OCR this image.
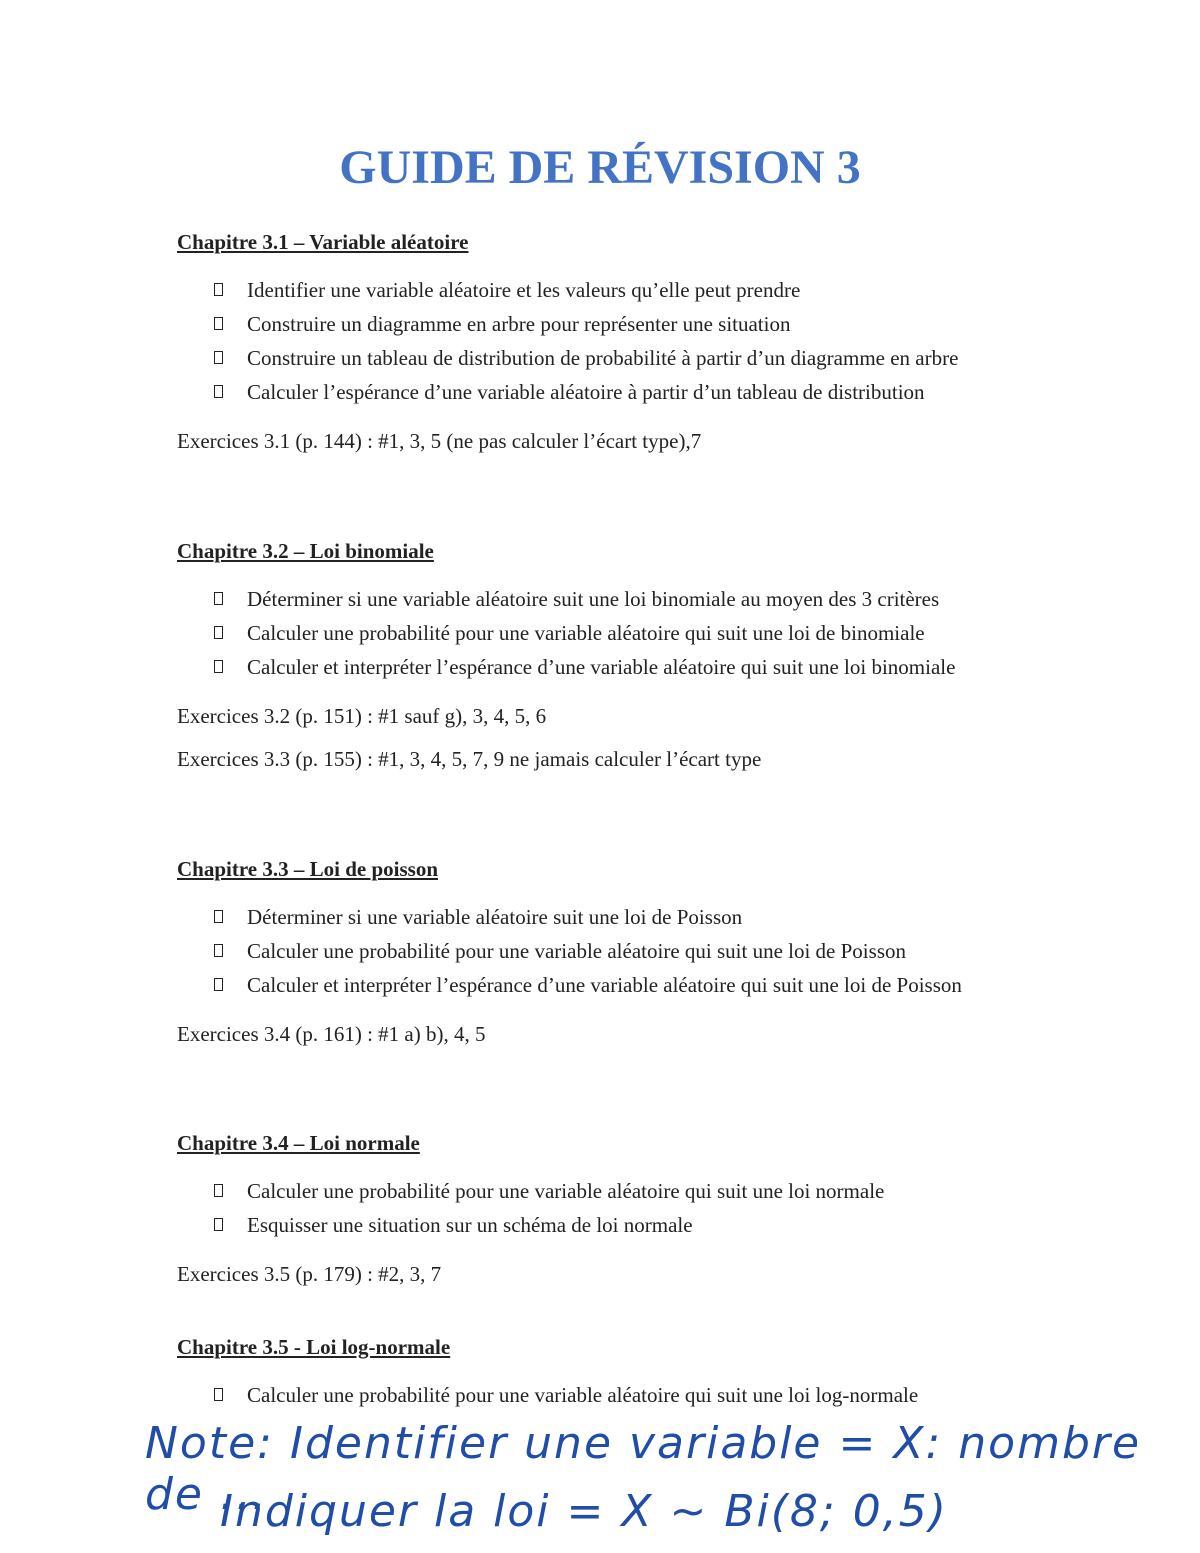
GUIDE DE RÉVISION 3
Chapitre 3.1 – Variable aléatoire
Identifier une variable aléatoire et les valeurs qu’elle peut prendre
Construire un diagramme en arbre pour représenter une situation
Construire un tableau de distribution de probabilité à partir d’un diagramme en arbre
Calculer l’espérance d’une variable aléatoire à partir d’un tableau de distribution

Exercices 3.1 (p. 144) : #1, 3, 5 (ne pas calculer l’écart type),7

Chapitre 3.2 – Loi binomiale
Déterminer si une variable aléatoire suit une loi binomiale au moyen des 3 critères
Calculer une probabilité pour une variable aléatoire qui suit une loi de binomiale
Calculer et interpréter l’espérance d’une variable aléatoire qui suit une loi binomiale

Exercices 3.2 (p. 151) : #1 sauf g), 3, 4, 5, 6

Exercices 3.3 (p. 155) : #1, 3, 4, 5, 7, 9 ne jamais calculer l’écart type

Chapitre 3.3 – Loi de poisson
Déterminer si une variable aléatoire suit une loi de Poisson
Calculer une probabilité pour une variable aléatoire qui suit une loi de Poisson
Calculer et interpréter l’espérance d’une variable aléatoire qui suit une loi de Poisson

Exercices 3.4 (p. 161) : #1 a) b), 4, 5

Chapitre 3.4 – Loi normale
Calculer une probabilité pour une variable aléatoire qui suit une loi normale
Esquisser une situation sur un schéma de loi normale

Exercices 3.5 (p. 179) : #2, 3, 7

Chapitre 3.5 - Loi log-normale
Calculer une probabilité pour une variable aléatoire qui suit une loi log-normale
Note: Identifier une variable = X: nombre de ...
Indiquer la loi = X ~ Bi(8; 0,5)
